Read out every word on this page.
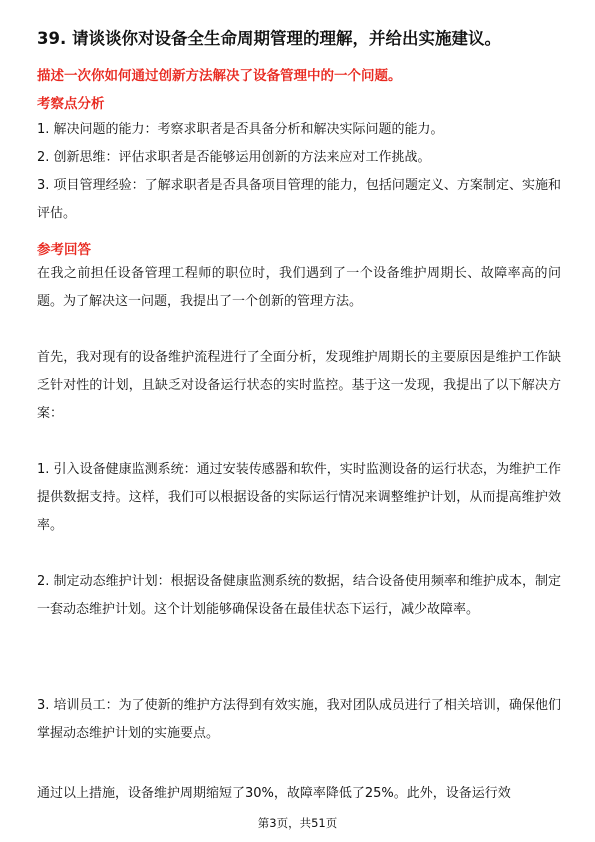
39. 请谈谈你对设备全生命周期管理的理解，并给出实施建议。
描述一次你如何通过创新方法解决了设备管理中的一个问题。
考察点分析
1. 解决问题的能力：考察求职者是否具备分析和解决实际问题的能力。
2. 创新思维：评估求职者是否能够运用创新的方法来应对工作挑战。
3. 项目管理经验：了解求职者是否具备项目管理的能力，包括问题定义、方案制定、实施和评估。
参考回答
在我之前担任设备管理工程师的职位时，我们遇到了一个设备维护周期长、故障率高的问题。为了解决这一问题，我提出了一个创新的管理方法。
首先，我对现有的设备维护流程进行了全面分析，发现维护周期长的主要原因是维护工作缺乏针对性的计划，且缺乏对设备运行状态的实时监控。基于这一发现，我提出了以下解决方案：
1. 引入设备健康监测系统：通过安装传感器和软件，实时监测设备的运行状态，为维护工作提供数据支持。这样，我们可以根据设备的实际运行情况来调整维护计划，从而提高维护效率。
2. 制定动态维护计划：根据设备健康监测系统的数据，结合设备使用频率和维护成本，制定一套动态维护计划。这个计划能够确保设备在最佳状态下运行，减少故障率。
3. 培训员工：为了使新的维护方法得到有效实施，我对团队成员进行了相关培训，确保他们掌握动态维护计划的实施要点。
通过以上措施，设备维护周期缩短了30%，故障率降低了25%。此外，设备运行效
第3页，共51页
